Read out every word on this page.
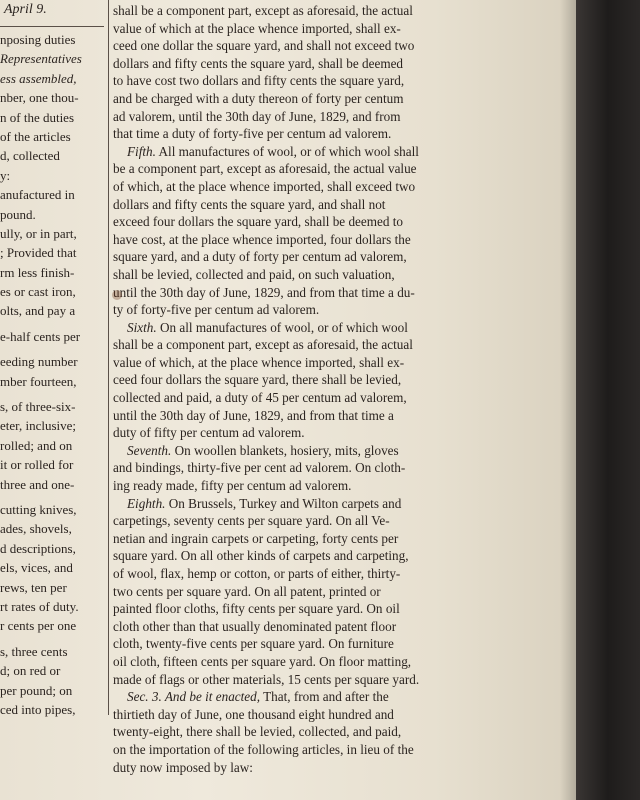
April 9.
nposing duties
Representatives
ess assembled,
nber, one thou-
n of the duties
of the articles
d, collected
y:
anufactured in
pound.
ully, or in part,
; Provided that
rm less finish-
es or cast iron,
olts, and pay a
e-half cents per
eeding number
mber fourteen,
s, of three-six-
eter, inclusive;
rolled; and on
it or rolled for
three and one-
cutting knives,
ades, shovels,
d descriptions,
els, vices, and
rews, ten per
rt rates of duty.
r cents per one
s, three cents
d; on red or
per pound; on
ced into pipes,
shall be a component part, except as aforesaid, the actual
value of which at the place whence imported, shall ex-
ceed one dollar the square yard, and shall not exceed two
dollars and fifty cents the square yard, shall be deemed
to have cost two dollars and fifty cents the square yard,
and be charged with a duty thereon of forty per centum
ad valorem, until the 30th day of June, 1829, and from
that time a duty of forty-five per centum ad valorem.
Fifth. All manufactures of wool, or of which wool shall
be a component part, except as aforesaid, the actual value
of which, at the place whence imported, shall exceed two
dollars and fifty cents the square yard, and shall not
exceed four dollars the square yard, shall be deemed to
have cost, at the place whence imported, four dollars the
square yard, and a duty of forty per centum ad valorem,
shall be levied, collected and paid, on such valuation,
until the 30th day of June, 1829, and from that time a du-
ty of forty-five per centum ad valorem.
Sixth. On all manufactures of wool, or of which wool
shall be a component part, except as aforesaid, the actual
value of which, at the place whence imported, shall ex-
ceed four dollars the square yard, there shall be levied,
collected and paid, a duty of 45 per centum ad valorem,
until the 30th day of June, 1829, and from that time a
duty of fifty per centum ad valorem.
Seventh. On woollen blankets, hosiery, mits, gloves
and bindings, thirty-five per cent ad valorem. On cloth-
ing ready made, fifty per centum ad valorem.
Eighth. On Brussels, Turkey and Wilton carpets and
carpetings, seventy cents per square yard. On all Ve-
netian and ingrain carpets or carpeting, forty cents per
square yard. On all other kinds of carpets and carpeting,
of wool, flax, hemp or cotton, or parts of either, thirty-
two cents per square yard. On all patent, printed or
painted floor cloths, fifty cents per square yard. On oil
cloth other than that usually denominated patent floor
cloth, twenty-five cents per square yard. On furniture
oil cloth, fifteen cents per square yard. On floor matting,
made of flags or other materials, 15 cents per square yard.
Sec. 3. And be it enacted, That, from and after the
thirtieth day of June, one thousand eight hundred and
twenty-eight, there shall be levied, collected, and paid,
on the importation of the following articles, in lieu of the
duty now imposed by law:
